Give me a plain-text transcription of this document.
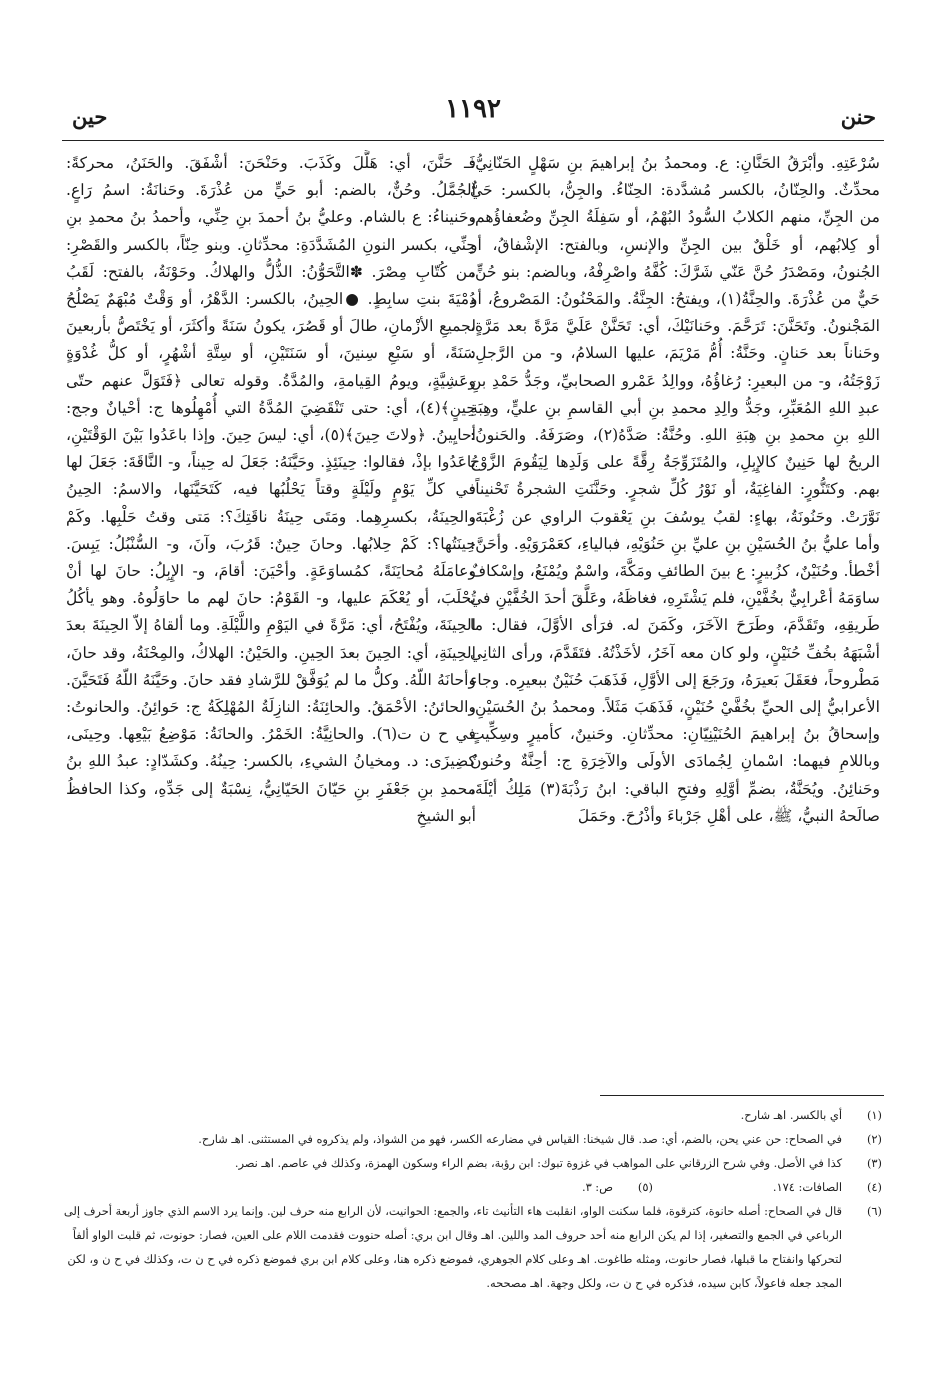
حنن
١١٩٢
حين

سُرْعَتِهِ. وأبْرَقُ الحَنَّانِ: ع. ومحمدُ بنُ إبراهيمَ بنِ سَهْلٍ الحَنّانِيُّ: محدِّثٌ. والحِنّانُ، بالكسر مُشدَّدة: الحِنّاءُ. والجِنُّ، بالكسر: حَيٌّ من الجِنِّ، منهم الكلابُ السُّودُ البُهْمُ، أو سَفِلَةُ الجِنِّ وضُعفاؤُهم، أو كِلابُهم، أو خَلْقٌ بين الجِنِّ والإنسِ، وبالفتح: الإشْفاقُ، أو الجُنونُ، ومَصْدَرُ حُنَّ عَنّي شَرَّكَ: كُفَّهُ واصْرِفْهُ، وبالضم: بنو حُنٍّ، حَيٌّ من عُذْرَةَ. والحِنَّةُ(١)، ويفتحُ: الجِنَّةُ. والمَحْنُونُ: المَصْروعُ، أو المَجْنونُ. وتَحَنَّنَ: تَرَحَّمَ. وحَنانَيْكَ، أي: تَحَنَّنْ عَلَيَّ مَرَّةً بعد مَرَّةٍ، وحَناناً بعد حَنانٍ. وحَنَّةُ: أُمُّ مَرْيَمَ، عليها السلامُ، و- من الرَّجلِ: زَوْجَتُهُ، و- من البعيرِ: رُغاؤُهُ، ووالِدُ عَمْرو الصحابيِّ، وجَدُّ حَمْدِ بنِ عبدِ اللهِ المُعَبِّرِ، وجَدُّ والِدِ محمدِ بنِ أبي القاسمِ بنِ عليٍّ، وهِبَةِ اللهِ بنِ محمدِ بنِ هِبَةِ اللهِ. وحُنَّةُ: صَدَّهُ(٢)، وصَرَفَهُ. والحَنونُ: الريحُ لها حَنِينٌ كالإِبِلِ، والمُتَزَوِّجَةُ رِقَّةً على وَلَدِها لِيَقُومَ الزَّوْجُ بهم. وكتَنُّورٍ: الفاغِيَةُ، أو نَوْرُ كُلِّ شجرٍ. وحَنَّنَتِ الشجرةُ تَحْنيناً: نَوَّرَتْ. وحَنُونَةُ، بهاءٍ: لقبُ يوسُفَ بنِ يَعْقوبَ الراوي عن زُغْبَةَ، وأما عليُّ بنُ الحُسَيْنِ بنِ عليِّ بنِ حَنُوَيْهِ، فبالياءِ، كعَمْرَوَيْهِ. وأحَنَّ: أخْطأ. وحُنَيْنٌ، كزُبيرٍ: ع بينَ الطائفِ ومَكَّةَ، واسْمٌ ويُمْنَعُ، وإسْكافٌ ساوَمَهُ أعْرابِيٌّ بخُفَّيْنِ، فلم يَشْتَرِهِ، فغاظَهُ، وعَلَّقَ أحدَ الخُفَّيْنِ في طَريقِهِ، وتَقَدَّمَ، وطَرَحَ الآخَرَ، وكَمَنَ له. فرَأى الأوَّلَ، فقال: ما أشْبَهَهُ بخُفِّ حُنَيْنٍ، ولو كان معه آخَرُ، لأخَذْتُهُ. فتَقَدَّمَ، ورأى الثانِي مَطْروحاً، فعَقَلَ بَعيرَهُ، ورَجَعَ إلى الأوَّلِ، فَذَهَبَ حُنَيْنٌ ببعيرِه. وجاء الأعرابيُّ إلى الحيِّ بخُفَّيْ حُنَيْنٍ، فَذَهَبَ مَثَلاً. ومحمدُ بنُ الحُسَيْنِ، وإسحاقُ بنُ إبراهيمَ الحُنَيْنِيّانِ: محدِّثانِ. وحَنينٌ، كأميرٍ وسِكِّيتٍ وباللامِ فيهما: اسْمانِ لِجُمادَى الأولَى والآخِرَةِ ج: أحِنَّةٌ وحُنونٌ وحَنائِنُ. ويُحَنَّةُ، بضمِّ أوَّلِهِ وفتحِ الباقي: ابنُ رَذْبَةَ(٣) مَلِكُ أيْلَةَ، صالَحهُ النبيُّ، ﷺ، على أهْلِ جَرْباءَ وأذْرُحَ. وحَمَلَ

فَـ حَنَّنَ، أي: هَلَّلَ وكَذَبَ. وحَنْحَنَ: أشْفَقَ. والحَنَنُ، محركةً: الجُمَّلُ. وحُنٌّ، بالضم: أبو حَيٍّ من عُذْرَةَ. وحَنانَةُ: اسمُ رَاعٍ. وحَنيناءُ: ع بالشام. وعليُّ بنُ أحمدَ بنِ حِنِّي، وأحمدُ بنُ محمدِ بنِ حِنِّي، بكسر النونِ المُشَدَّدَةِ: محدِّثانِ. وبنو حِنّاً، بالكسر والقَصْرِ: من كُتّابِ مِصْرَ. ✽التَّحَوُّنُ: الذُّلُّ والهلاكُ. وحَوْنَةُ، بالفتح: لَقَبُ دُمْيَةَ بنتِ سابِطٍ. ●الحِينُ، بالكسر: الدَّهْرُ، أو وَقْتٌ مُبْهَمٌ يَصْلُحُ لجميعِ الأزْمانِ، طالَ أو قَصُرَ، يكونُ سَنَةً وأكثَرَ، أو يَخْتَصُّ بأربعينَ سَنَةً، أو سَبْعِ سِنينَ، أو سَنَتَيْنِ، أو سِتَّةِ أشْهُرٍ، أو كلُّ غُدْوَةٍ وعَشِيَّةٍ، ويومُ القِيامةِ، والمُدَّةُ. وقوله تعالى ﴿فَتَوَلَّ عنهم حتّى حِينٍ﴾(٤)، أي: حتى تَنْقَضِيَ المُدَّةُ التي أُمْهِلُوها ج: أحْيانٌ وجج: أحايِينُ. ﴿ولاتَ حِينَ﴾(٥)، أي: ليسَ حِينَ. وإذا باعَدُوا بَيْنَ الوَقْتَيْنِ، باعَدُوا بإذْ، فقالوا: حِينَئِذٍ. وحَيَّنَهُ: جَعَلَ له حِيناً، و- النَّاقَةَ: جَعَلَ لها في كلِّ يَوْمٍ ولَيْلَةٍ وقتاً يَحْلُبُها فيه، كَتَحَيَّنَها، والاسمُ: الحِينُ والحِينَةُ، بكسرِهِما. ومَتَى حِينَةُ ناقَتِكَ؟: مَتى وقتُ حَلْبِها. وكَمْ حِينَتُها؟: كَمْ حِلابُها. وحانَ حِينٌ: قَرُبَ، وآنَ، و- السُّنْبُلُ: يَبِسَ. وعامَلَهُ مُحايَنَةً، كمُساوَعَةٍ. وأحْيَنَ: أقامَ، و- الإِبِلُ: حانَ لها أنْ تُحْلَبَ، أو يُعْكَمَ عليها، و- القَوْمُ: حانَ لهم ما حاوَلُوهُ. وهو يأكُلُ الحِينَةَ، ويُفْتَحُ، أي: مَرَّةً في اليَوْمِ واللَّيْلَةِ. وما ألقاهُ إلاّ الحِينَةَ بعدَ الحِينَةِ، أي: الحِينَ بعدَ الحِينِ. والحَيْنُ: الهلاكُ، والمِحْنَةُ، وقد حانَ، وأحانَهُ اللّهُ. وكلُّ ما لم يُوَفَّقْ للرَّشادِ فقد حانَ. وحَيَّنَهُ اللّهُ فَتَحَيَّنَ. والحائنُ: الأحْمَقُ. والحائِنَةُ: النازِلَةُ المُهْلِكَةُ ج: حَوائِنُ. والحانوتُ: في ح ن ت(٦). والحانِيَّةُ: الخَمْرُ. والحانَةُ: مَوْضِعُ بَيْعِها. وحِينَى، كضِيزَى: د. ومخيانُ الشيءِ، بالكسر: حِينُهُ. وكشَدّادٍ: عبدُ اللهِ بنُ محمدِ بنِ جَعْفَرِ بنِ حَيّانَ الحَيّانِيُّ، نِسْبَةٌ إلى جَدِّهِ، وكذا الحافظُ أبو الشيخِ

(١)
أي بالكسر. اهـ شارح.
(٢)
في الصحاح: حن عني يحن، بالضم، أي: صد. قال شيخنا: القياس في مضارعه الكسر، فهو من الشواذ، ولم يذكروه في المستثنى. اهـ شارح.
(٣)
كذا في الأصل. وفي شرح الزرقاني على المواهب في غزوة تبوك: ابن رؤبة، بضم الراء وسكون الهمزة، وكذلك في عاصم. اهـ نصر.
(٤)
الصافات: ١٧٤.
(٥)
ص: ٣.
(٦)
قال في الصحاح: أصله حانوة، كترقوة، فلما سكنت الواو، انقلبت هاء التأنيث تاء، والجمع: الحوانيت، لأن الرابع منه حرف لين. وإنما يرد الاسم الذي جاوز أربعة أحرف إلى الرباعي في الجمع والتصغير، إذا لم يكن الرابع منه أحد حروف المد واللين. اهـ وقال ابن بري: أصله حنووت فقدمت اللام على العين، فصار: حونوت، ثم قلبت الواو ألفاً لتحركها وانفتاح ما قبلها، فصار حانوت، ومثله طاغوت. اهـ وعلى كلام الجوهري، فموضع ذكره هنا، وعلى كلام ابن بري فموضع ذكره في ح ن ت، وكذلك في ح ن و، لكن المجد جعله فاعولاً، كابن سيده، فذكره في ح ن ت، ولكل وجهة. اهـ مصححه.
